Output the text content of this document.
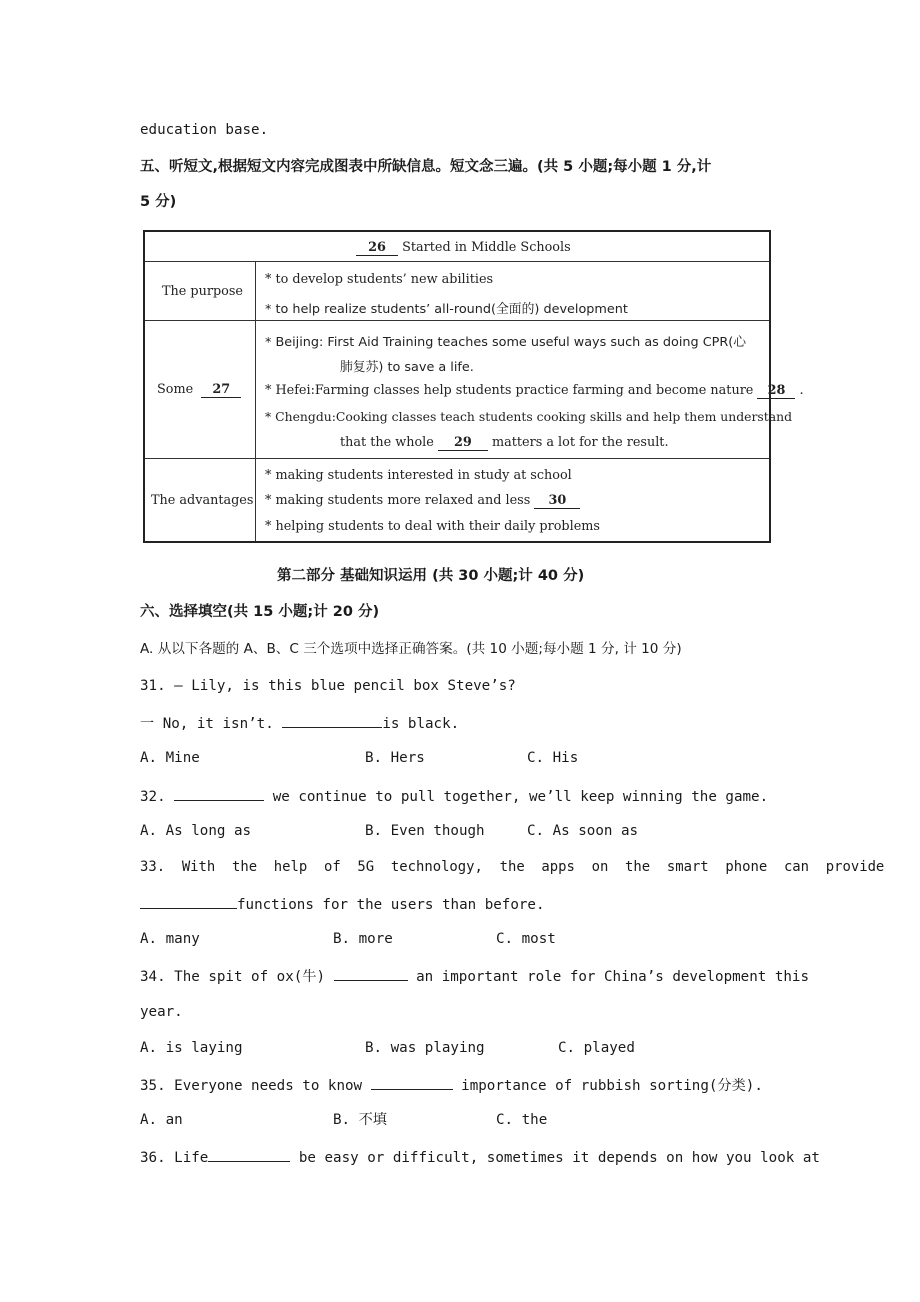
education base.
五、听短文,根据短文内容完成图表中所缺信息。短文念三遍。(共 5 小题;每小题 1 分,计
5 分)
26 Started in Middle Schools
The purpose
* to develop students’ new abilities
* to help realize students’ all-round(全面的) development
Some 27
* Beijing: First Aid Training teaches some useful ways such as doing CPR(心
肺复苏) to save a life.
* Hefei:Farming classes help students practice farming and become nature 28 .
* Chengdu:Cooking classes teach students cooking skills and help them understand
that the whole 29 matters a lot for the result.
The advantages
* making students interested in study at school
* making students more relaxed and less 30
* helping students to deal with their daily problems
第二部分 基础知识运用 (共 30 小题;计 40 分)
六、选择填空(共 15 小题;计 20 分)
A. 从以下各题的 A、B、C 三个选项中选择正确答案。(共 10 小题;每小题 1 分, 计 10 分)
31. — Lily, is this blue pencil box Steve’s?
一 No, it isn’t.	is black.
A. Mine	B. Hers	C. His
32.	we continue to pull together, we’ll keep winning the game.
A. As long as	B. Even though	C. As soon as
33.  With  the  help  of  5G  technology,  the  apps  on  the  smart  phone  can  provide
functions for the users than before.
A. many	B. more	C. most
34. The spit of ox(牛)	an important role for China’s development this
year.
A. is laying	B. was playing	C. played
35. Everyone needs to know	importance of rubbish sorting(分类).
A. an	B. 不填	C. the
36. Life	be easy or difficult, sometimes it depends on how you look at
